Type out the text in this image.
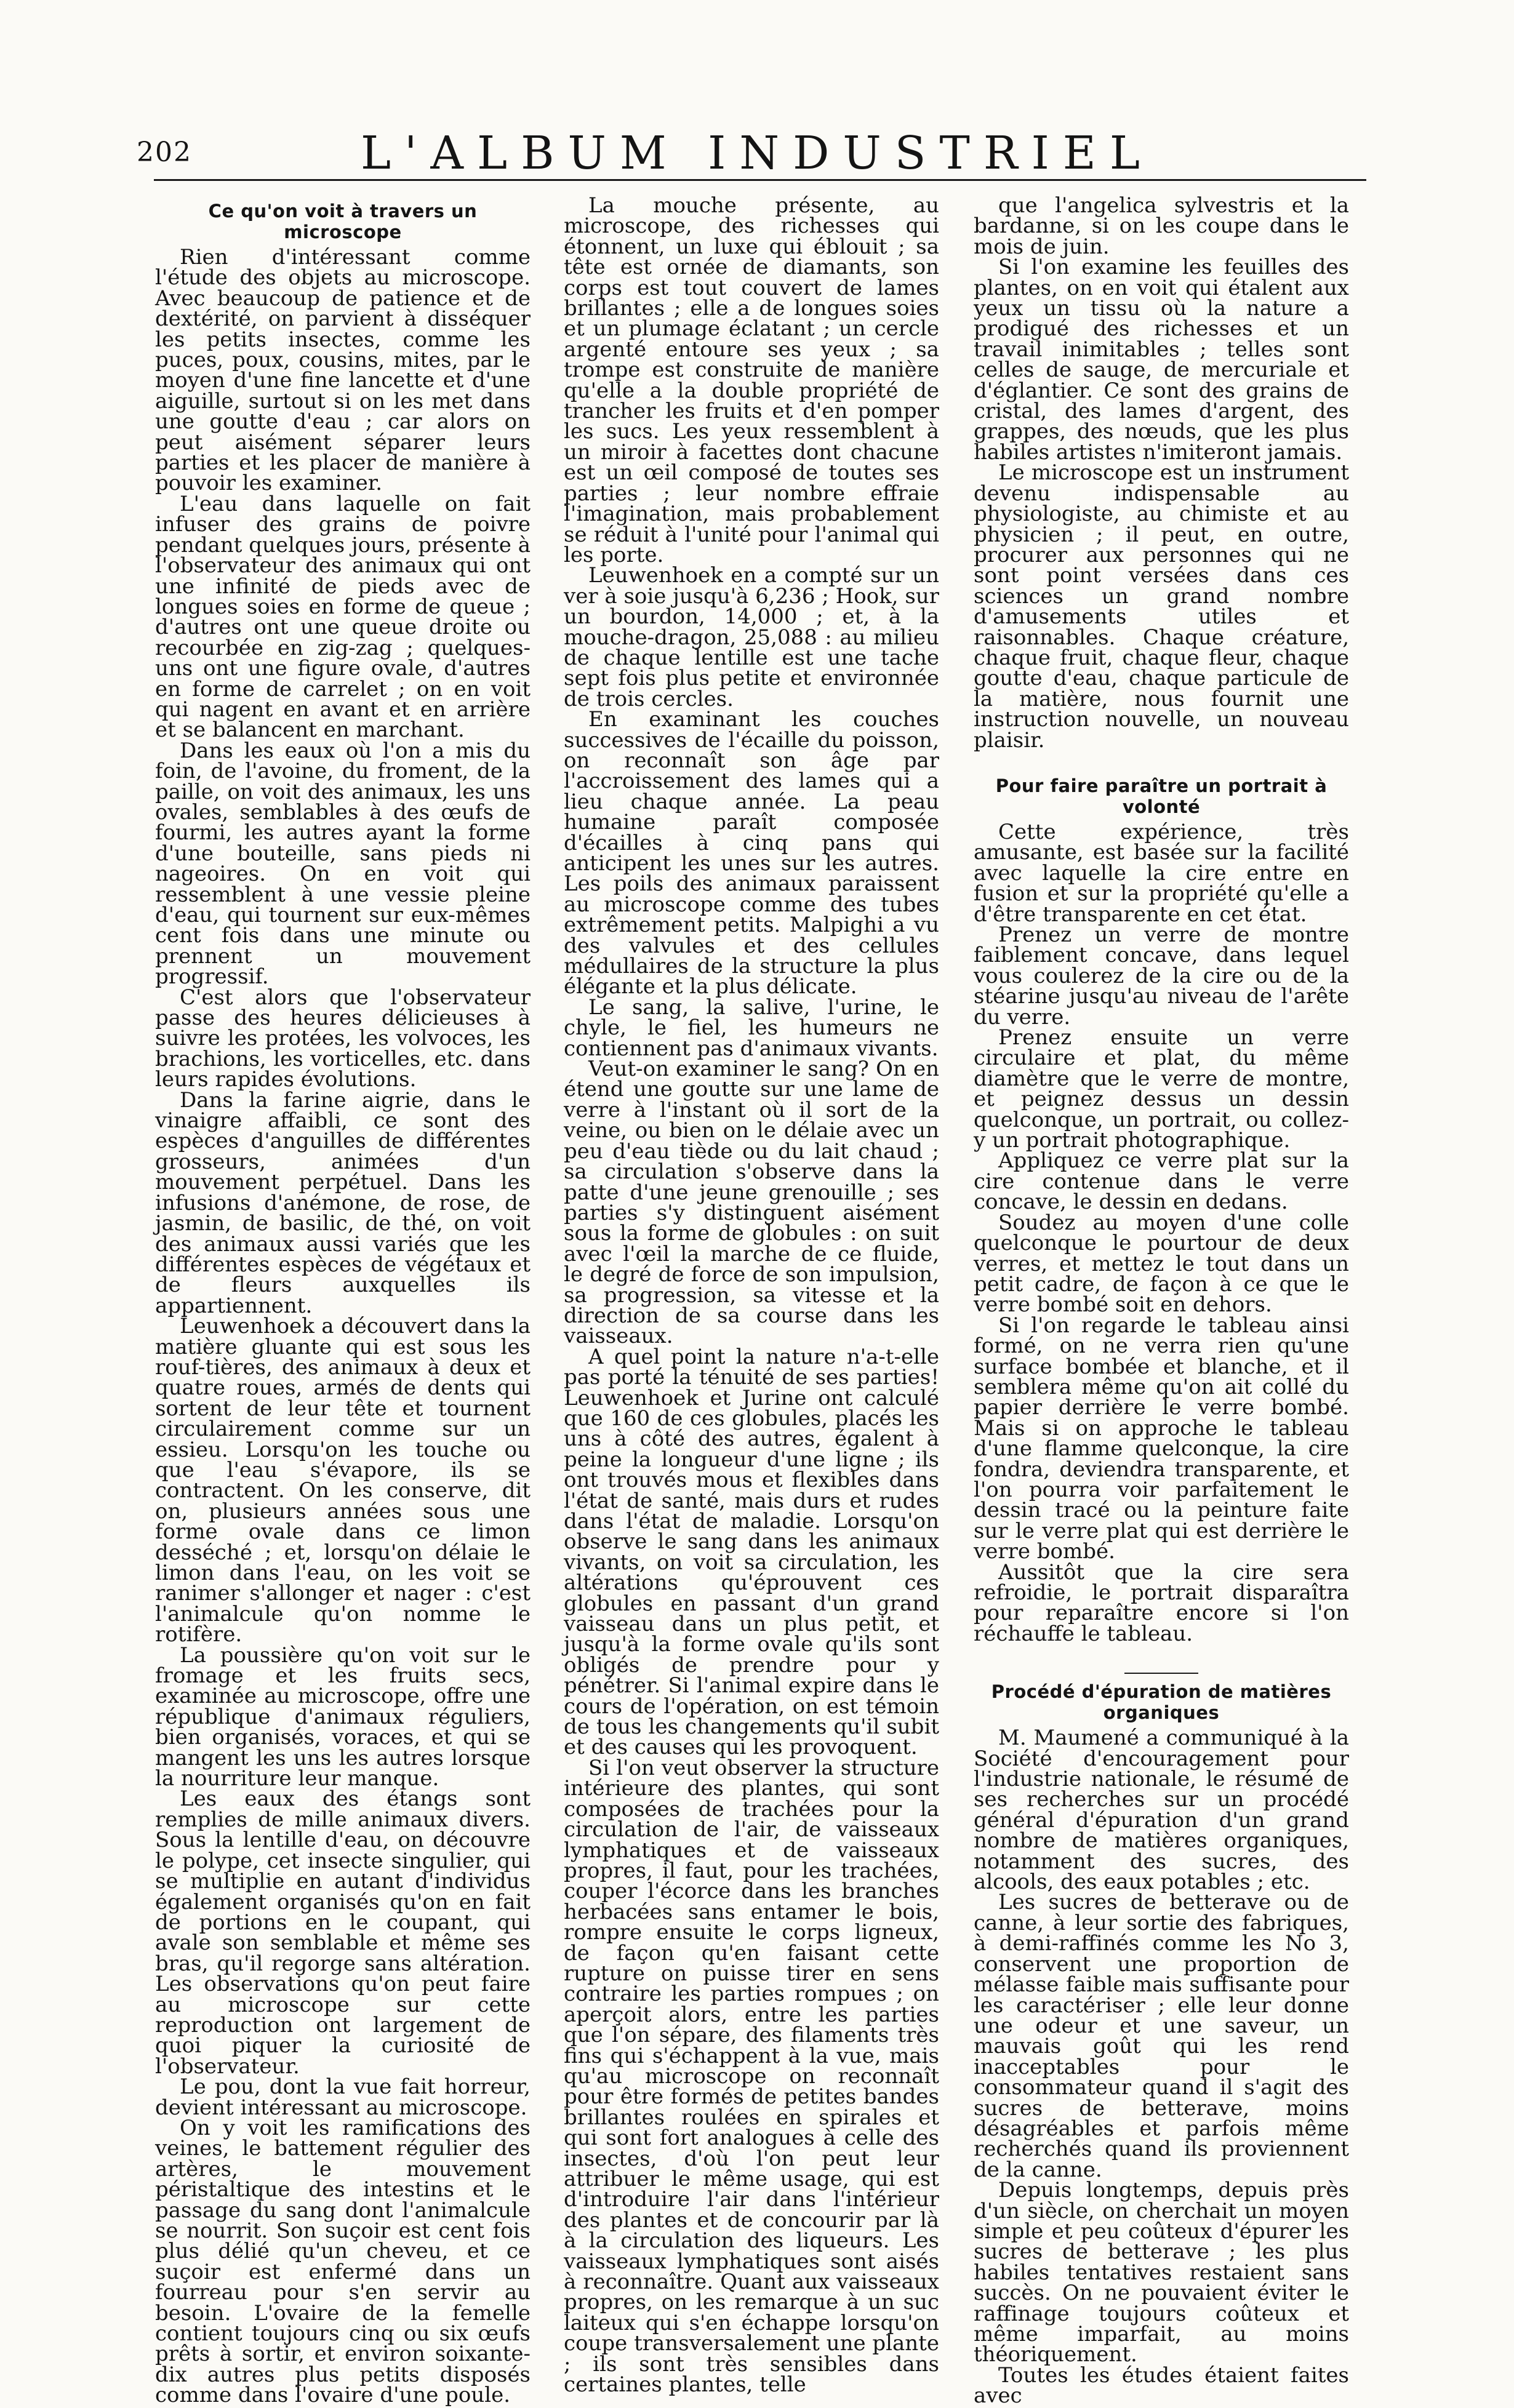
202	L'ALBUM INDUSTRIEL
Ce qu'on voit à travers un microscope

Rien d'intéressant comme l'étude des objets au microscope. Avec beaucoup de patience et de dextérité, on parvient à disséquer les petits insectes, comme les puces, poux, cousins, mites, par le moyen d'une fine lancette et d'une aiguille, surtout si on les met dans une goutte d'eau ; car alors on peut aisément séparer leurs parties et les placer de manière à pouvoir les examiner.

L'eau dans laquelle on fait infuser des grains de poivre pendant quelques jours, présente à l'observateur des animaux qui ont une infinité de pieds avec de longues soies en forme de queue ; d'autres ont une queue droite ou recourbée en zig-zag ; quelques-uns ont une figure ovale, d'autres en forme de carrelet ; on en voit qui nagent en avant et en arrière et se balancent en marchant.

Dans les eaux où l'on a mis du foin, de l'avoine, du froment, de la paille, on voit des animaux, les uns ovales, semblables à des œufs de fourmi, les autres ayant la forme d'une bouteille, sans pieds ni nageoires. On en voit qui ressemblent à une vessie pleine d'eau, qui tournent sur eux-mêmes cent fois dans une minute ou prennent un mouvement progressif.

C'est alors que l'observateur passe des heures délicieuses à suivre les protées, les volvoces, les brachions, les vorticelles, etc. dans leurs rapides évolutions.

Dans la farine aigrie, dans le vinaigre affaibli, ce sont des espèces d'anguilles de différentes grosseurs, animées d'un mouvement perpétuel. Dans les infusions d'anémone, de rose, de jasmin, de basilic, de thé, on voit des animaux aussi variés que les différentes espèces de végétaux et de fleurs auxquelles ils appartiennent.

Leuwenhoek a découvert dans la matière gluante qui est sous les rouf-tières, des animaux à deux et quatre roues, armés de dents qui sortent de leur tête et tournent circulairement comme sur un essieu. Lorsqu'on les touche ou que l'eau s'évapore, ils se contractent. On les conserve, dit on, plusieurs années sous une forme ovale dans ce limon desséché ; et, lorsqu'on délaie le limon dans l'eau, on les voit se ranimer s'allonger et nager : c'est l'animalcule qu'on nomme le rotifère.

La poussière qu'on voit sur le fromage et les fruits secs, examinée au microscope, offre une république d'animaux réguliers, bien organisés, voraces, et qui se mangent les uns les autres lorsque la nourriture leur manque.

Les eaux des étangs sont remplies de mille animaux divers. Sous la lentille d'eau, on découvre le polype, cet insecte singulier, qui se multiplie en autant d'individus également organisés qu'on en fait de portions en le coupant, qui avale son semblable et même ses bras, qu'il regorge sans altération. Les observations qu'on peut faire au microscope sur cette reproduction ont largement de quoi piquer la curiosité de l'observateur.

Le pou, dont la vue fait horreur, devient intéressant au microscope.

On y voit les ramifications des veines, le battement régulier des artères, le mouvement péristaltique des intestins et le passage du sang dont l'animalcule se nourrit. Son suçoir est cent fois plus délié qu'un cheveu, et ce suçoir est enfermé dans un fourreau pour s'en servir au besoin. L'ovaire de la femelle contient toujours cinq ou six œufs prêts à sortir, et environ soixante-dix autres plus petits disposés comme dans l'ovaire d'une poule.

La mouche présente, au microscope, des richesses qui étonnent, un luxe qui éblouit ; sa tête est ornée de diamants, son corps est tout couvert de lames brillantes ; elle a de longues soies et un plumage éclatant ; un cercle argenté entoure ses yeux ; sa trompe est construite de manière qu'elle a la double propriété de trancher les fruits et d'en pomper les sucs. Les yeux ressemblent à un miroir à facettes dont chacune est un œil composé de toutes ses parties ; leur nombre effraie l'imagination, mais probablement se réduit à l'unité pour l'animal qui les porte.

Leuwenhoek en a compté sur un ver à soie jusqu'à 6,236 ; Hook, sur un bourdon, 14,000 ; et, à la mouche-dragon, 25,088 : au milieu de chaque lentille est une tache sept fois plus petite et environnée de trois cercles.

En examinant les couches successives de l'écaille du poisson, on reconnaît son âge par l'accroissement des lames qui a lieu chaque année. La peau humaine paraît composée d'écailles à cinq pans qui anticipent les unes sur les autres. Les poils des animaux paraissent au microscope comme des tubes extrêmement petits. Malpighi a vu des valvules et des cellules médullaires de la structure la plus élégante et la plus délicate.

Le sang, la salive, l'urine, le chyle, le fiel, les humeurs ne contiennent pas d'animaux vivants.

Veut-on examiner le sang? On en étend une goutte sur une lame de verre à l'instant où il sort de la veine, ou bien on le délaie avec un peu d'eau tiède ou du lait chaud ; sa circulation s'observe dans la patte d'une jeune grenouille ; ses parties s'y distinguent aisément sous la forme de globules : on suit avec l'œil la marche de ce fluide, le degré de force de son impulsion, sa progression, sa vitesse et la direction de sa course dans les vaisseaux.

A quel point la nature n'a-t-elle pas porté la ténuité de ses parties! Leuwenhoek et Jurine ont calculé que 160 de ces globules, placés les uns à côté des autres, égalent à peine la longueur d'une ligne ; ils ont trouvés mous et flexibles dans l'état de santé, mais durs et rudes dans l'état de maladie. Lorsqu'on observe le sang dans les animaux vivants, on voit sa circulation, les altérations qu'éprouvent ces globules en passant d'un grand vaisseau dans un plus petit, et jusqu'à la forme ovale qu'ils sont obligés de prendre pour y pénétrer. Si l'animal expire dans le cours de l'opération, on est témoin de tous les changements qu'il subit et des causes qui les provoquent.

Si l'on veut observer la structure intérieure des plantes, qui sont composées de trachées pour la circulation de l'air, de vaisseaux lymphatiques et de vaisseaux propres, il faut, pour les trachées, couper l'écorce dans les branches herbacées sans entamer le bois, rompre ensuite le corps ligneux, de façon qu'en faisant cette rupture on puisse tirer en sens contraire les parties rompues ; on aperçoit alors, entre les parties que l'on sépare, des filaments très fins qui s'échappent à la vue, mais qu'au microscope on reconnaît pour être formés de petites bandes brillantes roulées en spirales et qui sont fort analogues à celle des insectes, d'où l'on peut leur attribuer le même usage, qui est d'introduire l'air dans l'intérieur des plantes et de concourir par là à la circulation des liqueurs. Les vaisseaux lymphatiques sont aisés à reconnaître. Quant aux vaisseaux propres, on les remarque à un suc laiteux qui s'en échappe lorsqu'on coupe transversalement une plante ; ils sont très sensibles dans certaines plantes, telle

que l'angelica sylvestris et la bardanne, si on les coupe dans le mois de juin.

Si l'on examine les feuilles des plantes, on en voit qui étalent aux yeux un tissu où la nature a prodigué des richesses et un travail inimitables ; telles sont celles de sauge, de mercuriale et d'églantier. Ce sont des grains de cristal, des lames d'argent, des grappes, des nœuds, que les plus habiles artistes n'imiteront jamais.

Le microscope est un instrument devenu indispensable au physiologiste, au chimiste et au physicien ; il peut, en outre, procurer aux personnes qui ne sont point versées dans ces sciences un grand nombre d'amusements utiles et raisonnables. Chaque créature, chaque fruit, chaque fleur, chaque goutte d'eau, chaque particule de la matière, nous fournit une instruction nouvelle, un nouveau plaisir.

Pour faire paraître un portrait à volonté

Cette expérience, très amusante, est basée sur la facilité avec laquelle la cire entre en fusion et sur la propriété qu'elle a d'être transparente en cet état.

Prenez un verre de montre faiblement concave, dans lequel vous coulerez de la cire ou de la stéarine jusqu'au niveau de l'arête du verre.

Prenez ensuite un verre circulaire et plat, du même diamètre que le verre de montre, et peignez dessus un dessin quelconque, un portrait, ou collez-y un portrait photographique.

Appliquez ce verre plat sur la cire contenue dans le verre concave, le dessin en dedans.

Soudez au moyen d'une colle quelconque le pourtour de deux verres, et mettez le tout dans un petit cadre, de façon à ce que le verre bombé soit en dehors.

Si l'on regarde le tableau ainsi formé, on ne verra rien qu'une surface bombée et blanche, et il semblera même qu'on ait collé du papier derrière le verre bombé. Mais si on approche le tableau d'une flamme quelconque, la cire fondra, deviendra transparente, et l'on pourra voir parfaitement le dessin tracé ou la peinture faite sur le verre plat qui est derrière le verre bombé.

Aussitôt que la cire sera refroidie, le portrait disparaîtra pour reparaître encore si l'on réchauffe le tableau.

Procédé d'épuration de matières organiques

M. Maumené a communiqué à la Société d'encouragement pour l'industrie nationale, le résumé de ses recherches sur un procédé général d'épuration d'un grand nombre de matières organiques, notamment des sucres, des alcools, des eaux potables ; etc.

Les sucres de betterave ou de canne, à leur sortie des fabriques, à demi-raffinés comme les No 3, conservent une proportion de mélasse faible mais suffisante pour les caractériser ; elle leur donne une odeur et une saveur, un mauvais goût qui les rend inacceptables pour le consommateur quand il s'agit des sucres de betterave, moins désagréables et parfois même recherchés quand ils proviennent de la canne.

Depuis longtemps, depuis près d'un siècle, on cherchait un moyen simple et peu coûteux d'épurer les sucres de betterave ; les plus habiles tentatives restaient sans succès. On ne pouvaient éviter le raffinage toujours coûteux et même imparfait, au moins théoriquement.

Toutes les études étaient faites avec
